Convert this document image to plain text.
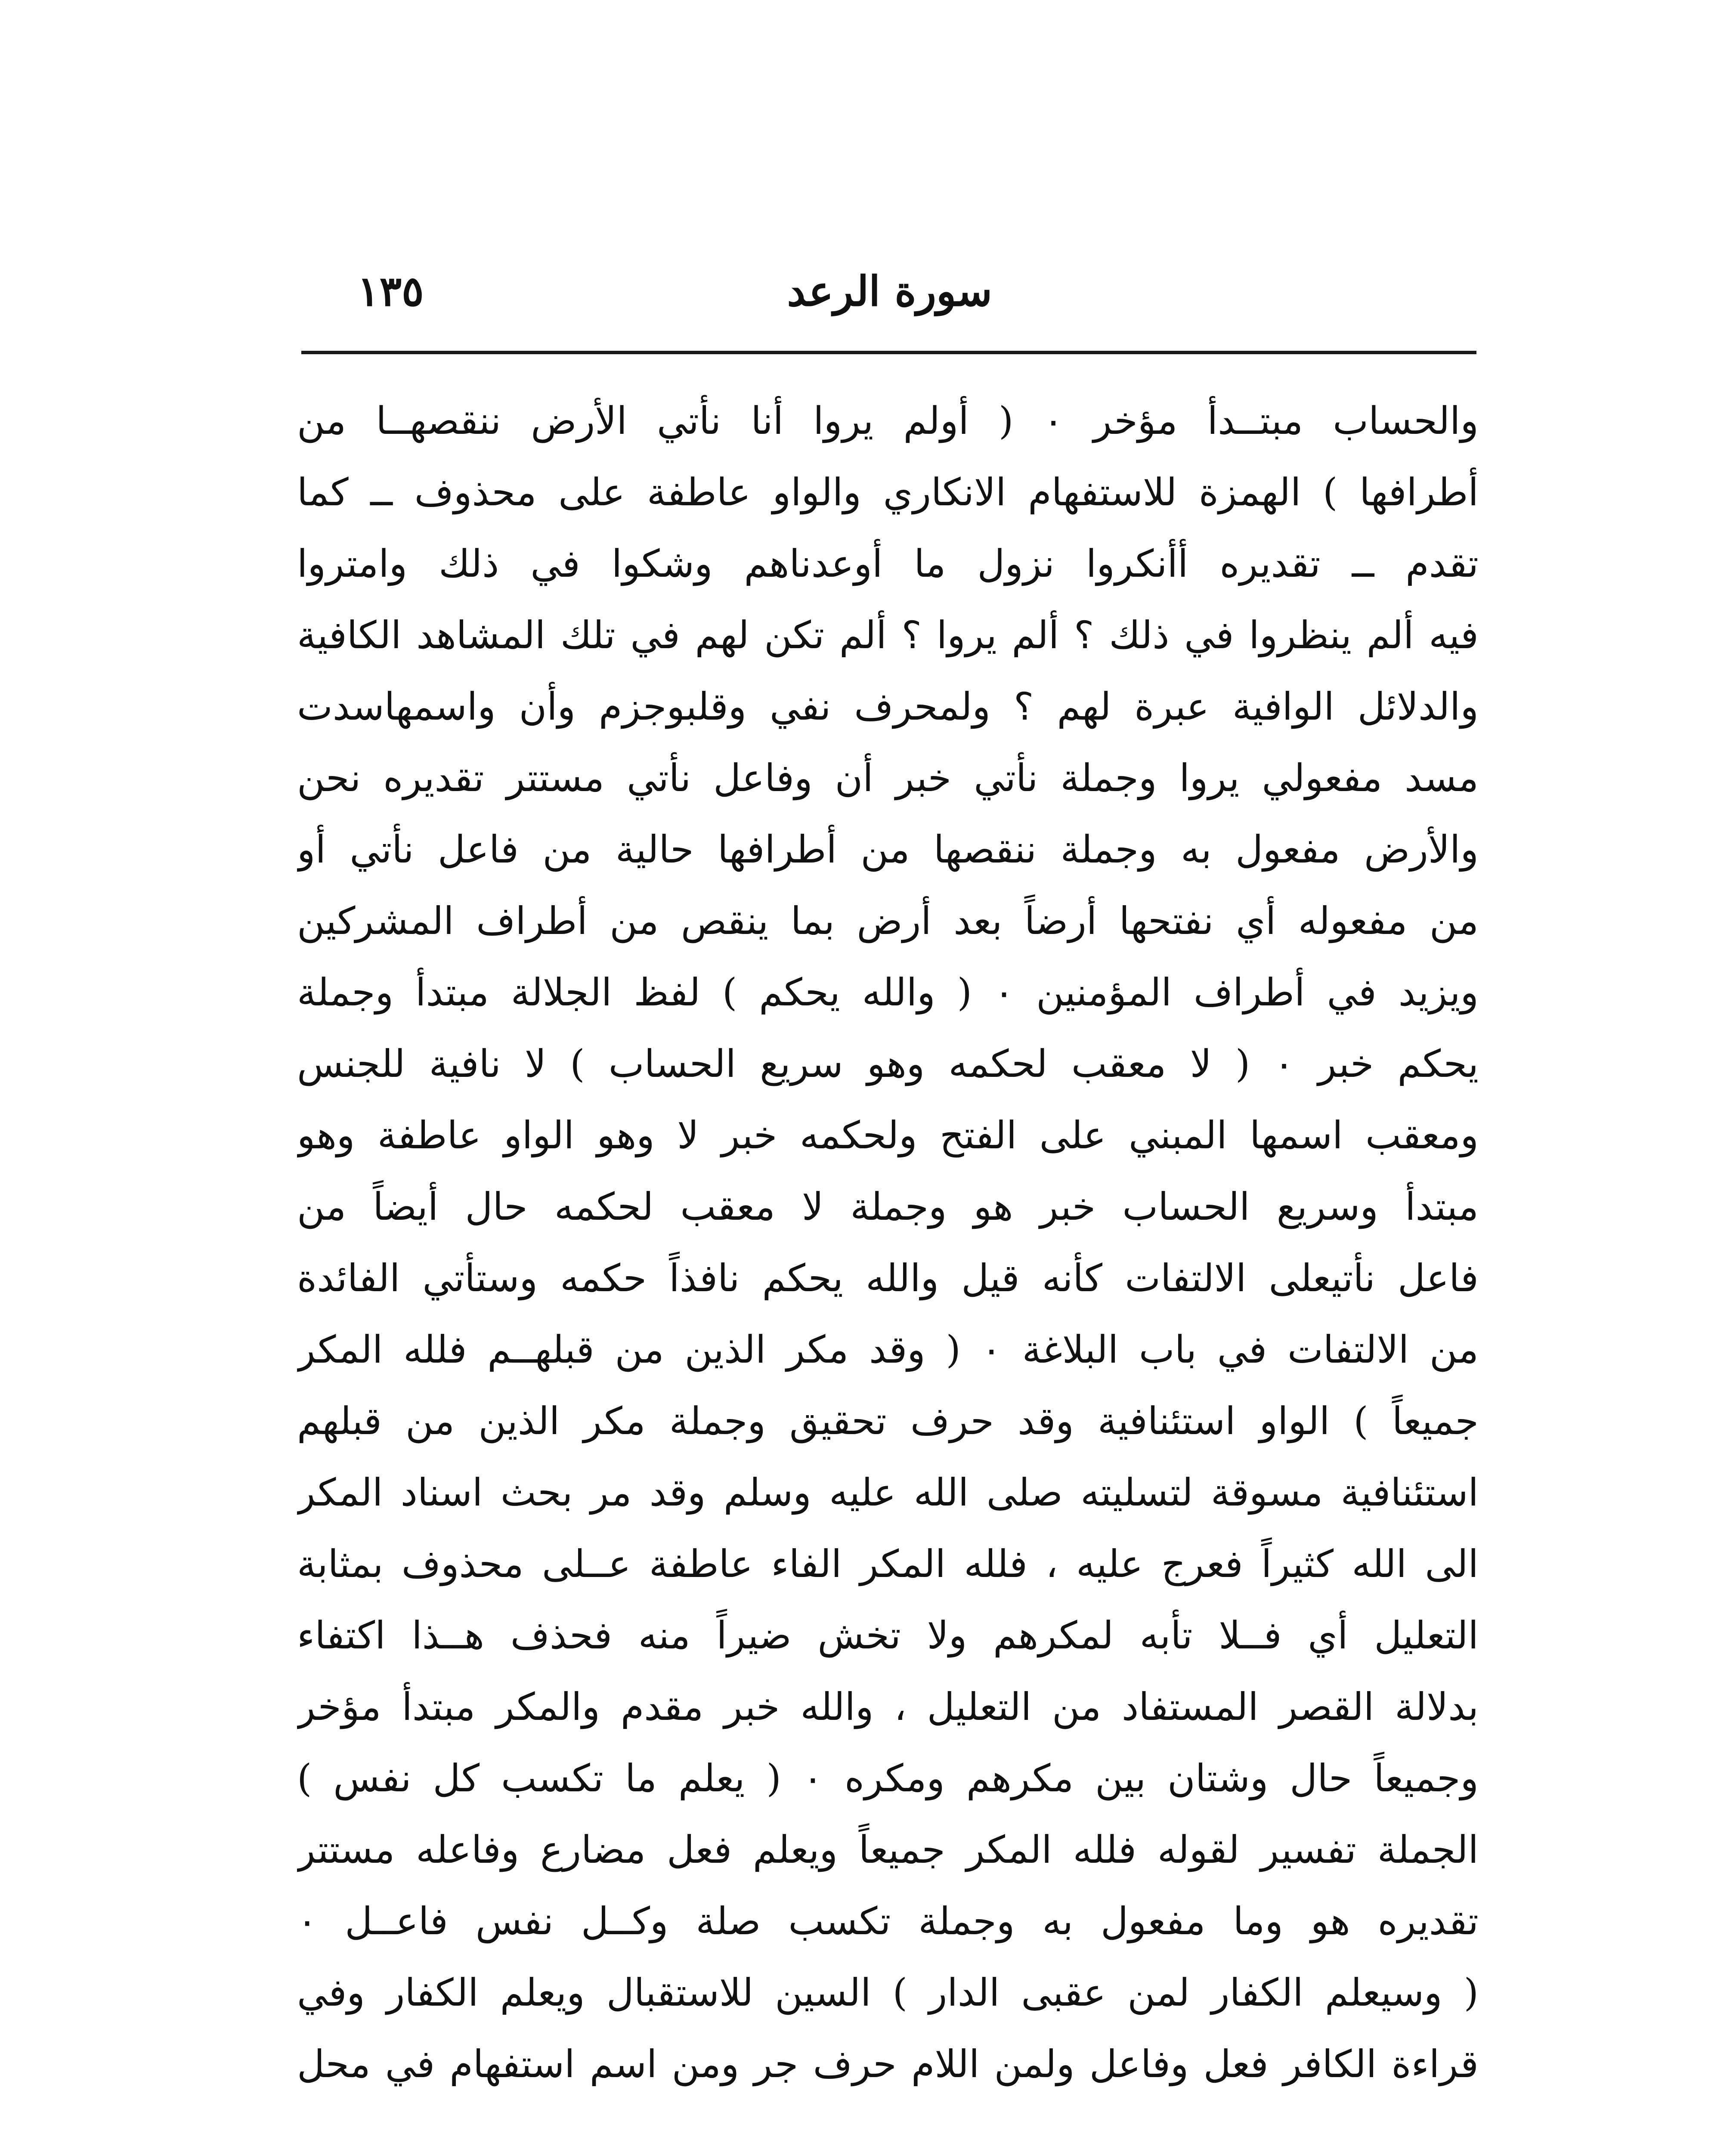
سورة الرعد
١٣٥
والحساب مبتــدأ مؤخر ٠ ( أولم يروا أنا نأتي الأرض ننقصهــا من
أطرافها ) الهمزة للاستفهام الانكاري والواو عاطفة على محذوف ــ كما
تقدم ــ تقديره أأنكروا نزول ما أوعدناهم وشكوا في ذلك وامتروا
فيه ألم ينظروا في ذلك ؟ ألم يروا ؟ ألم تكن لهم في تلك المشاهد الكافية
والدلائل الوافية عبرة لهم ؟ ولمحرف نفي وقلبوجزم وأن واسمهاسدت
مسد مفعولي يروا وجملة نأتي خبر أن وفاعل نأتي مستتر تقديره نحن
والأرض مفعول به وجملة ننقصها من أطرافها حالية من فاعل نأتي أو
من مفعوله أي نفتحها أرضاً بعد أرض بما ينقص من أطراف المشركين
ويزيد في أطراف المؤمنين ٠ ( والله يحكم ) لفظ الجلالة مبتدأ وجملة
يحكم خبر ٠ ( لا معقب لحكمه وهو سريع الحساب ) لا نافية للجنس
ومعقب اسمها المبني على الفتح ولحكمه خبر لا وهو الواو عاطفة وهو
مبتدأ وسريع الحساب خبر هو وجملة لا معقب لحكمه حال أيضاً من
فاعل نأتيعلى الالتفات كأنه قيل والله يحكم نافذاً حكمه وستأتي الفائدة
من الالتفات في باب البلاغة ٠ ( وقد مكر الذين من قبلهــم فلله المكر
جميعاً ) الواو استئنافية وقد حرف تحقيق وجملة مكر الذين من قبلهم
استئنافية مسوقة لتسليته صلى الله عليه وسلم وقد مر بحث اسناد المكر
الى الله كثيراً فعرج عليه ، فلله المكر الفاء عاطفة عــلى محذوف بمثابة
التعليل أي فــلا تأبه لمكرهم ولا تخش ضيراً منه فحذف هــذا اكتفاء
بدلالة القصر المستفاد من التعليل ، والله خبر مقدم والمكر مبتدأ مؤخر
وجميعاً حال وشتان بين مكرهم ومكره ٠ ( يعلم ما تكسب كل نفس )
الجملة تفسير لقوله فلله المكر جميعاً ويعلم فعل مضارع وفاعله مستتر
تقديره هو وما مفعول به وجملة تكسب صلة وكــل نفس فاعــل ٠
( وسيعلم الكفار لمن عقبى الدار ) السين للاستقبال ويعلم الكفار وفي
قراءة الكافر فعل وفاعل ولمن اللام حرف جر ومن اسم استفهام في محل
